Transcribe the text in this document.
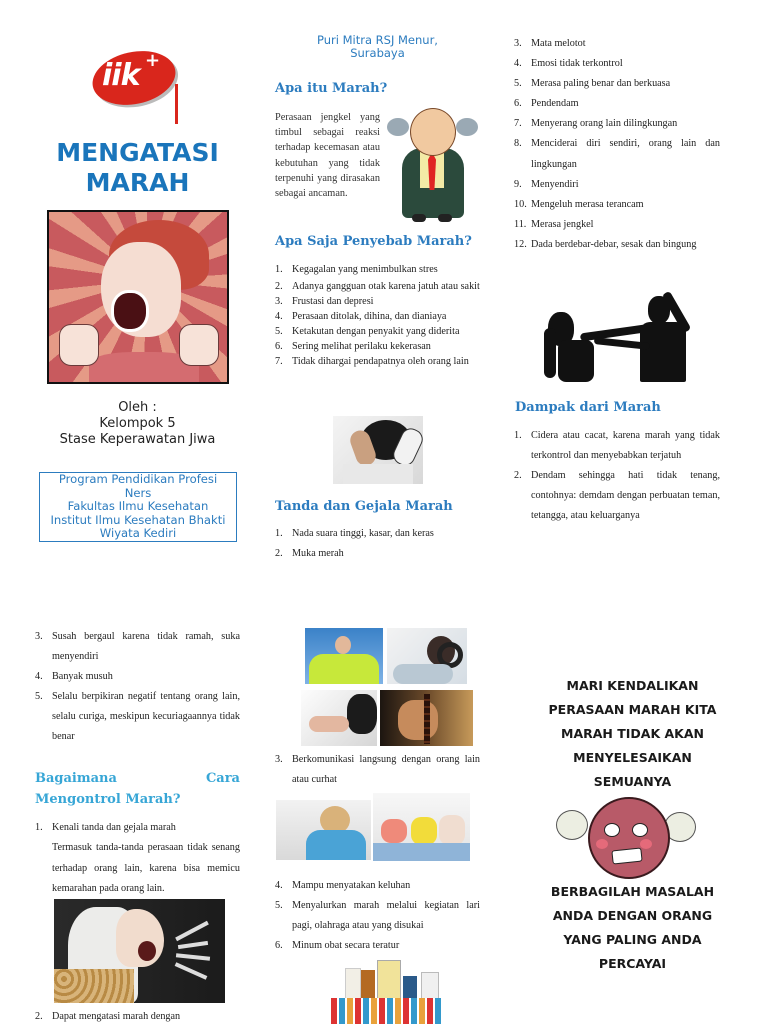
iik +
MENGATASI
MARAH
Oleh :
Kelompok 5
Stase Keperawatan Jiwa
Program Pendidikan Profesi
Ners
Fakultas Ilmu Kesehatan
Institut Ilmu Kesehatan Bhakti
Wiyata Kediri
Puri Mitra RSJ Menur,
Surabaya
Apa itu Marah?
Perasaan jengkel yang timbul sebagai reaksi terhadap kecemasan atau kebutuhan yang tidak terpenuhi yang dirasakan sebagai ancaman.
Apa Saja Penyebab Marah?
1. Kegagalan yang menimbulkan stres
2. Adanya gangguan otak karena jatuh atau sakit
3. Frustasi dan depresi
4. Perasaan ditolak, dihina, dan dianiaya
5. Ketakutan dengan penyakit yang diderita
6. Sering melihat perilaku kekerasan
7. Tidak dihargai pendapatnya oleh orang lain
Tanda dan Gejala Marah
1. Nada suara tinggi, kasar, dan keras
2. Muka merah
3. Mata melotot
4. Emosi tidak terkontrol
5. Merasa paling benar dan berkuasa
6. Pendendam
7. Menyerang orang lain dilingkungan
8. Menciderai diri sendiri, orang lain dan lingkungan
9. Menyendiri
10. Mengeluh merasa terancam
11. Merasa jengkel
12. Dada berdebar-debar, sesak dan bingung
Dampak dari Marah
1. Cidera atau cacat, karena marah yang tidak terkontrol dan menyebabkan terjatuh
2. Dendam sehingga hati tidak tenang, contohnya: demdam dengan perbuatan teman, tetangga, atau keluarganya
3. Susah bergaul karena tidak ramah, suka menyendiri
4. Banyak musuh
5. Selalu berpikiran negatif tentang orang lain, selalu curiga, meskipun kecuriagaannya tidak benar
Bagaimana Cara Mengontrol Marah?
1. Kenali tanda dan gejala marah
Termasuk tanda-tanda perasaan tidak senang terhadap orang lain, karena bisa memicu kemarahan pada orang lain.
2. Dapat mengatasi marah dengan
3. Berkomunikasi langsung dengan orang lain atau curhat
4. Mampu menyatakan keluhan
5. Menyalurkan marah melalui kegiatan lari pagi, olahraga atau yang disukai
6. Minum obat secara teratur
MARI KENDALIKAN
PERASAAN MARAH KITA
MARAH TIDAK AKAN
MENYELESAIKAN
SEMUANYA
BERBAGILAH MASALAH
ANDA DENGAN ORANG
YANG PALING ANDA
PERCAYAI
